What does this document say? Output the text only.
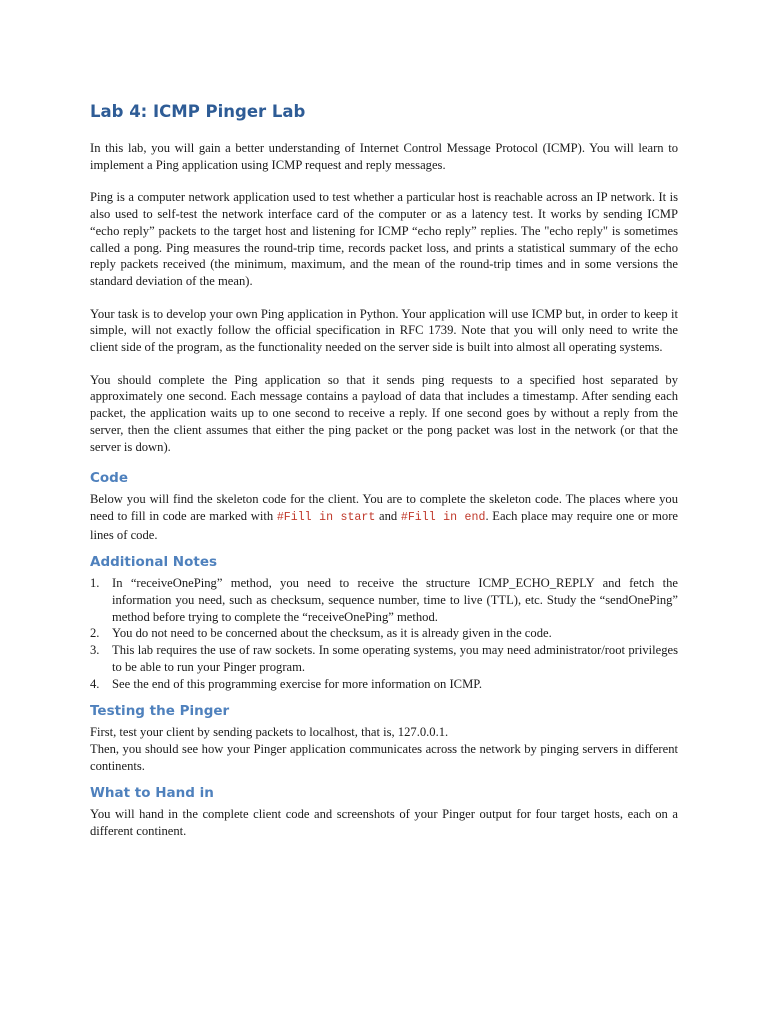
Lab 4: ICMP Pinger Lab

In this lab, you will gain a better understanding of Internet Control Message Protocol (ICMP). You will learn to implement a Ping application using ICMP request and reply messages.

Ping is a computer network application used to test whether a particular host is reachable across an IP network. It is also used to self-test the network interface card of the computer or as a latency test. It works by sending ICMP “echo reply” packets to the target host and listening for ICMP “echo reply” replies. The "echo reply" is sometimes called a pong. Ping measures the round-trip time, records packet loss, and prints a statistical summary of the echo reply packets received (the minimum, maximum, and the mean of the round-trip times and in some versions the standard deviation of the mean).

Your task is to develop your own Ping application in Python. Your application will use ICMP but, in order to keep it simple, will not exactly follow the official specification in RFC 1739. Note that you will only need to write the client side of the program, as the functionality needed on the server side is built into almost all operating systems.

You should complete the Ping application so that it sends ping requests to a specified host separated by approximately one second. Each message contains a payload of data that includes a timestamp. After sending each packet, the application waits up to one second to receive a reply. If one second goes by without a reply from the server, then the client assumes that either the ping packet or the pong packet was lost in the network (or that the server is down).

Code

Below you will find the skeleton code for the client. You are to complete the skeleton code. The places where you need to fill in code are marked with #Fill in start and #Fill in end. Each place may require one or more lines of code.

Additional Notes
1. In “receiveOnePing” method, you need to receive the structure ICMP_ECHO_REPLY and fetch the information you need, such as checksum, sequence number, time to live (TTL), etc. Study the “sendOnePing” method before trying to complete the “receiveOnePing” method.
2. You do not need to be concerned about the checksum, as it is already given in the code.
3. This lab requires the use of raw sockets. In some operating systems, you may need administrator/root privileges to be able to run your Pinger program.
4. See the end of this programming exercise for more information on ICMP.
Testing the Pinger

First, test your client by sending packets to localhost, that is, 127.0.0.1.

Then, you should see how your Pinger application communicates across the network by pinging servers in different continents.

What to Hand in

You will hand in the complete client code and screenshots of your Pinger output for four target hosts, each on a different continent.
